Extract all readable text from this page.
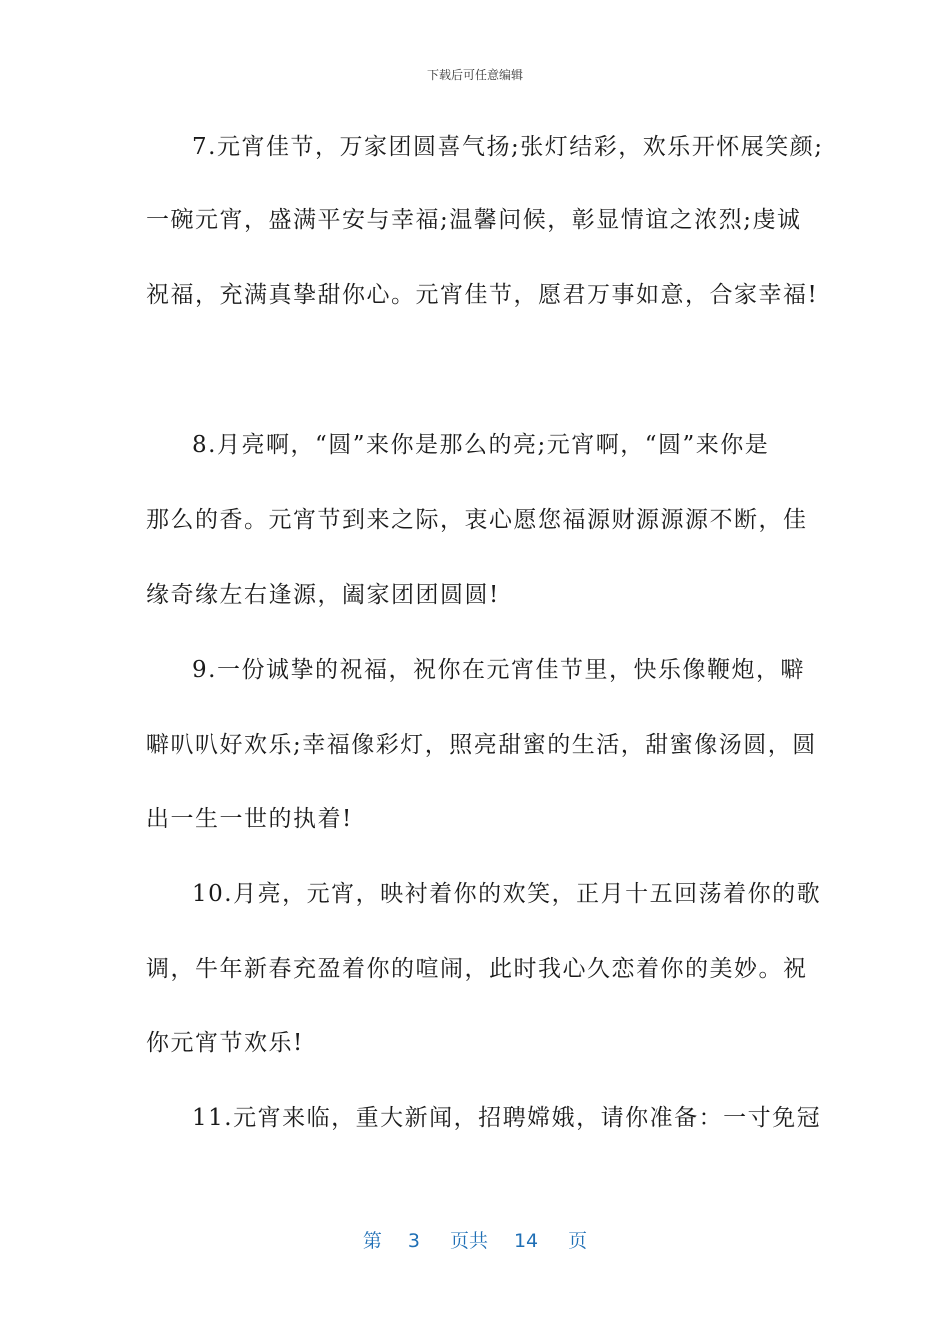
下载后可任意编辑
7.元宵佳节，万家团圆喜气扬;张灯结彩，欢乐开怀展笑颜;
一碗元宵，盛满平安与幸福;温馨问候，彰显情谊之浓烈;虔诚
祝福，充满真挚甜你心。元宵佳节，愿君万事如意，合家幸福!
8.月亮啊，“圆”来你是那么的亮;元宵啊，“圆”来你是
那么的香。元宵节到来之际，衷心愿您福源财源源源不断，佳
缘奇缘左右逢源，阖家团团圆圆!
9.一份诚挚的祝福，祝你在元宵佳节里，快乐像鞭炮，噼
噼叭叭好欢乐;幸福像彩灯，照亮甜蜜的生活，甜蜜像汤圆，圆
出一生一世的执着!
10.月亮，元宵，映衬着你的欢笑，正月十五回荡着你的歌
调，牛年新春充盈着你的喧闹，此时我心久恋着你的美妙。祝
你元宵节欢乐!
11.元宵来临，重大新闻，招聘嫦娥，请你准备：一寸免冠
第 3 页共 14 页
